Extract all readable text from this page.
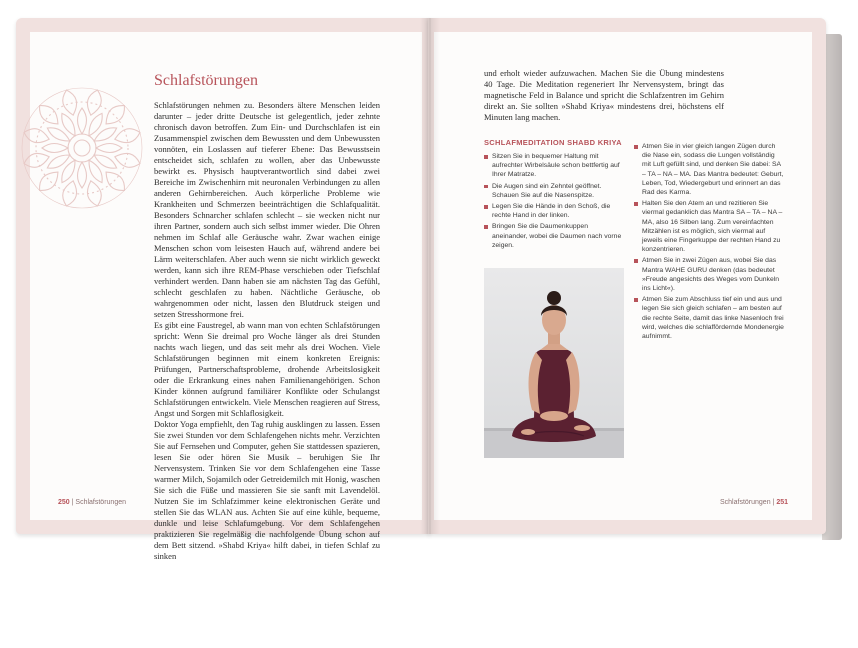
Schlafstörungen

Schlafstörungen nehmen zu. Besonders ältere Menschen leiden darunter – jeder dritte Deutsche ist gelegentlich, jeder zehnte chronisch davon betroffen. Zum Ein- und Durchschlafen ist ein Zusammenspiel zwischen dem Bewussten und dem Unbewussten vonnöten, ein Loslassen auf tieferer Ebene: Das Bewusstsein entscheidet sich, schlafen zu wollen, aber das Unbewusste bewirkt es. Physisch hauptverantwortlich sind dabei zwei Bereiche im Zwischenhirn mit neuronalen Verbindungen zu allen anderen Gehirnbereichen. Auch körperliche Probleme wie Krankheiten und Schmerzen beeinträchtigen die Schlafqualität. Besonders Schnarcher schlafen schlecht – sie wecken nicht nur ihren Partner, sondern auch sich selbst immer wieder. Die Ohren nehmen im Schlaf alle Geräusche wahr. Zwar wachen einige Menschen schon vom leisesten Hauch auf, während andere bei Lärm weiterschlafen. Aber auch wenn sie nicht wirklich geweckt werden, kann sich ihre REM-Phase verschieben oder Tiefschlaf verhindert werden. Dann haben sie am nächsten Tag das Gefühl, schlecht geschlafen zu haben. Nächtliche Geräusche, ob wahrgenommen oder nicht, lassen den Blutdruck steigen und setzen Stresshormone frei.

Es gibt eine Faustregel, ab wann man von echten Schlafstörungen spricht: Wenn Sie dreimal pro Woche länger als drei Stunden nachts wach liegen, und das seit mehr als drei Wochen. Viele Schlafstörungen beginnen mit einem konkreten Ereignis: Prüfungen, Partnerschaftsprobleme, drohende Arbeitslosigkeit oder die Erkrankung eines nahen Familienangehörigen. Schon Kinder können aufgrund familiärer Konflikte oder Schulangst Schlafstörungen entwickeln. Viele Menschen reagieren auf Stress, Angst und Sorgen mit Schlaflosigkeit.

Doktor Yoga empfiehlt, den Tag ruhig ausklingen zu lassen. Essen Sie zwei Stunden vor dem Schlafengehen nichts mehr. Verzichten Sie auf Fernsehen und Computer, gehen Sie stattdessen spazieren, lesen Sie oder hören Sie Musik – beruhigen Sie Ihr Nervensystem. Trinken Sie vor dem Schlafengehen eine Tasse warmer Milch, Sojamilch oder Getreidemilch mit Honig, waschen Sie sich die Füße und massieren Sie sie sanft mit Lavendelöl. Nutzen Sie im Schlafzimmer keine elektronischen Geräte und stellen Sie das WLAN aus. Achten Sie auf eine kühle, bequeme, dunkle und leise Schlafumgebung. Vor dem Schlafengehen praktizieren Sie regelmäßig die nachfolgende Übung schon auf dem Bett sitzend. »Shabd Kriya« hilft dabei, in tiefen Schlaf zu sinken

250 | Schlafstörungen
und erholt wieder aufzuwachen. Machen Sie die Übung mindestens 40 Tage. Die Meditation regeneriert Ihr Nervensystem, bringt das magnetische Feld in Balance und spricht die Schlafzentren im Gehirn direkt an. Sie sollten »Shabd Kriya« mindestens drei, höchstens elf Minuten lang machen.
SCHLAFMEDITATION SHABD KRIYA
Sitzen Sie in bequemer Haltung mit aufrechter Wirbelsäule schon bettfertig auf Ihrer Matratze.
Die Augen sind ein Zehntel geöffnet. Schauen Sie auf die Nasenspitze.
Legen Sie die Hände in den Schoß, die rechte Hand in der linken.
Bringen Sie die Daumenkuppen aneinander, wobei die Daumen nach vorne zeigen.
Atmen Sie in vier gleich langen Zügen durch die Nase ein, sodass die Lungen vollständig mit Luft gefüllt sind, und denken Sie dabei: SA – TA – NA – MA. Das Mantra bedeutet: Geburt, Leben, Tod, Wiedergeburt und erinnert an das Rad des Karma.
Halten Sie den Atem an und rezitieren Sie viermal gedanklich das Mantra SA – TA – NA – MA, also 16 Silben lang. Zum vereinfachten Mitzählen ist es möglich, sich viermal auf jeweils eine Fingerkuppe der rechten Hand zu konzentrieren.
Atmen Sie in zwei Zügen aus, wobei Sie das Mantra WAHE GURU denken (das bedeutet »Freude angesichts des Weges vom Dunkeln ins Licht«).
Atmen Sie zum Abschluss tief ein und aus und legen Sie sich gleich schlafen – am besten auf die rechte Seite, damit das linke Nasenloch frei wird, welches die schlaffördernde Mondenergie aufnimmt.
Schlafstörungen | 251
